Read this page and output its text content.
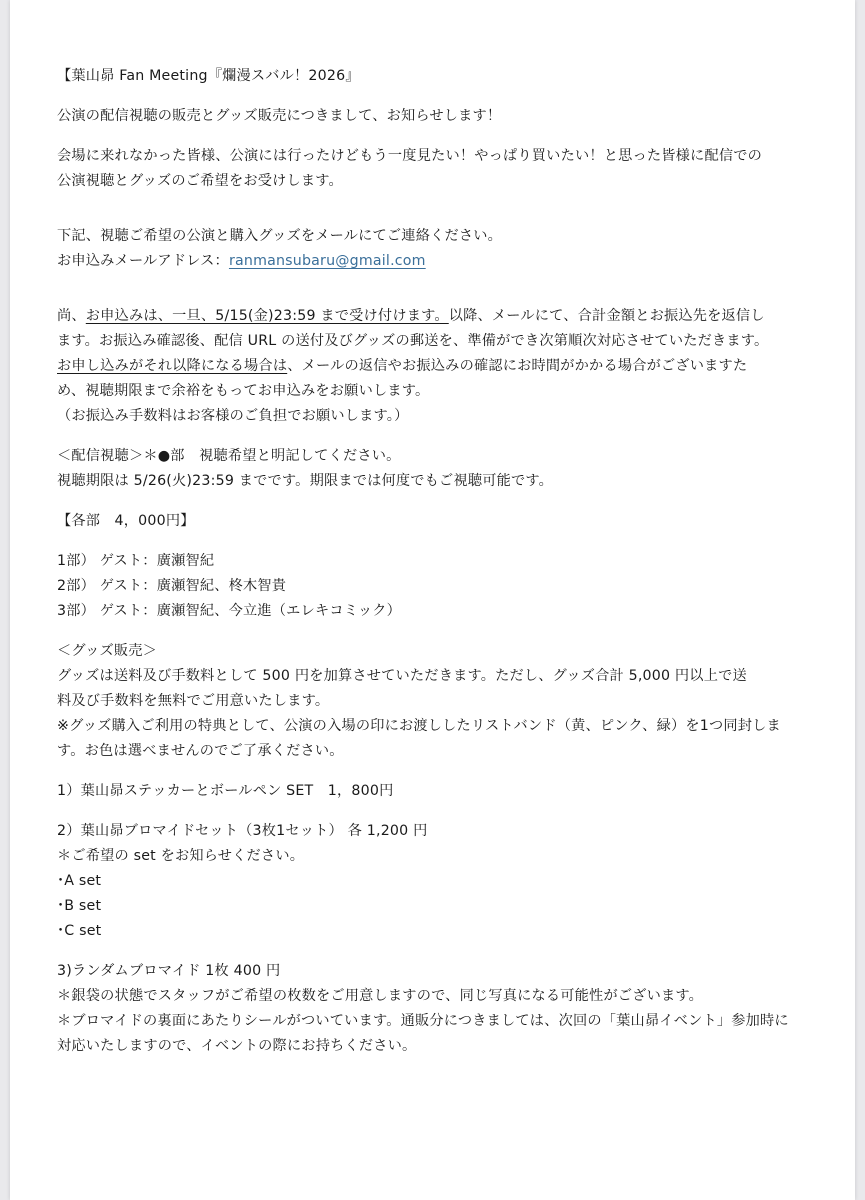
【葉山昴 Fan Meeting『爛漫スバル！2026』

公演の配信視聴の販売とグッズ販売につきまして、お知らせします！

会場に来れなかった皆様、公演には行ったけどもう一度見たい！やっぱり買いたい！と思った皆様に配信での

公演視聴とグッズのご希望をお受けします。

下記、視聴ご希望の公演と購入グッズをメールにてご連絡ください。

お申込みメールアドレス：ranmansubaru@gmail.com

尚、お申込みは、一旦、5/15(金)23:59 まで受け付けます。以降、メールにて、合計金額とお振込先を返信し

ます。お振込み確認後、配信 URL の送付及びグッズの郵送を、準備ができ次第順次対応させていただきます。

お申し込みがそれ以降になる場合は、メールの返信やお振込みの確認にお時間がかかる場合がございますた

め、視聴期限まで余裕をもってお申込みをお願いします。

（お振込み手数料はお客様のご負担でお願いします。）

＜配信視聴＞＊●部　視聴希望と明記してください。

視聴期限は 5/26(火)23:59 までです。期限までは何度でもご視聴可能です。

【各部　4，000円】

1部） ゲスト：廣瀬智紀

2部） ゲスト：廣瀬智紀、柊木智貴

3部） ゲスト：廣瀬智紀、今立進（エレキコミック）

＜グッズ販売＞

グッズは送料及び手数料として 500 円を加算させていただきます。ただし、グッズ合計 5,000 円以上で送

料及び手数料を無料でご用意いたします。

※グッズ購入ご利用の特典として、公演の入場の印にお渡ししたリストバンド（黄、ピンク、緑）を1つ同封しま

す。お色は選べませんのでご了承ください。

1）葉山昴ステッカーとボールペン SET　1，800円

2）葉山昴ブロマイドセット（3枚1セット） 各 1,200 円

＊ご希望の set をお知らせください。

･A set

･B set

･C set

3)ランダムブロマイド 1枚 400 円

＊銀袋の状態でスタッフがご希望の枚数をご用意しますので、同じ写真になる可能性がございます。

＊ブロマイドの裏面にあたりシールがついています。通販分につきましては、次回の「葉山昴イベント」参加時に

対応いたしますので、イベントの際にお持ちください。
